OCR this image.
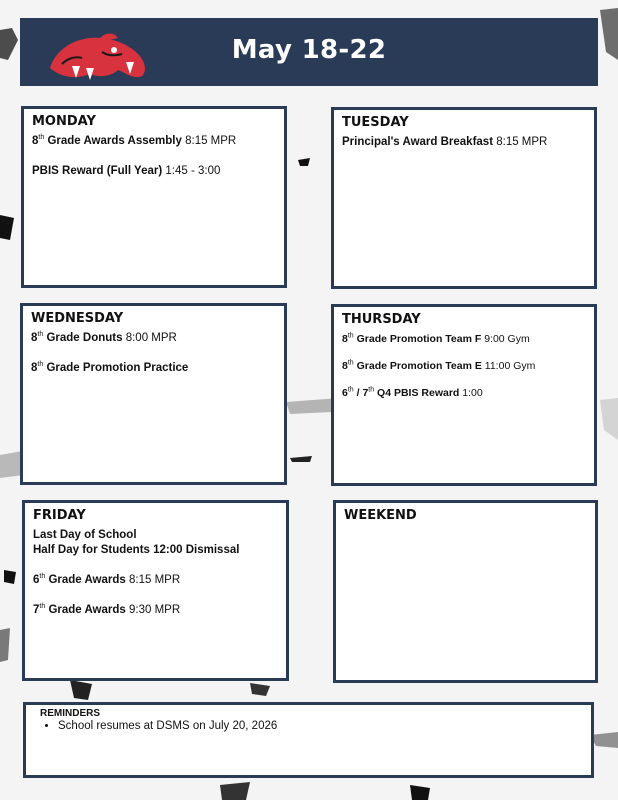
May 18-22
MONDAY

8th Grade Awards Assembly 8:15 MPR

PBIS Reward (Full Year) 1:45 - 3:00

TUESDAY

Principal's Award Breakfast 8:15 MPR

WEDNESDAY

8th Grade Donuts 8:00 MPR

8th Grade Promotion Practice

THURSDAY

8th Grade Promotion Team F 9:00 Gym

8th Grade Promotion Team E 11:00 Gym

6th / 7th Q4 PBIS Reward 1:00

FRIDAY

Last Day of School

Half Day for Students 12:00 Dismissal

6th Grade Awards 8:15 MPR

7th Grade Awards 9:30 MPR

WEEKEND

REMINDERS

• School resumes at DSMS on July 20, 2026
